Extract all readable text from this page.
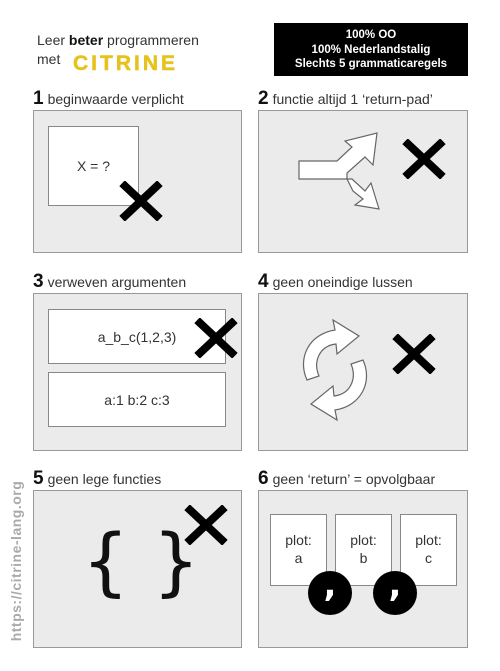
Leer beter programmeren
met CITRINE
100% OO
100% Nederlandstalig
Slechts 5 grammaticaregels
https://citrine-lang.org
1 beginwaarde verplicht
X = ?
2 functie altijd 1 ‘return-pad’
3 verweven argumenten
a_b_c(1,2,3)
a:1 b:2 c:3
4 geen oneindige lussen
5 geen lege functies
{ }
6 geen ‘return’ = opvolgbaar
plot:
a
plot:
b
plot:
c
,	,
